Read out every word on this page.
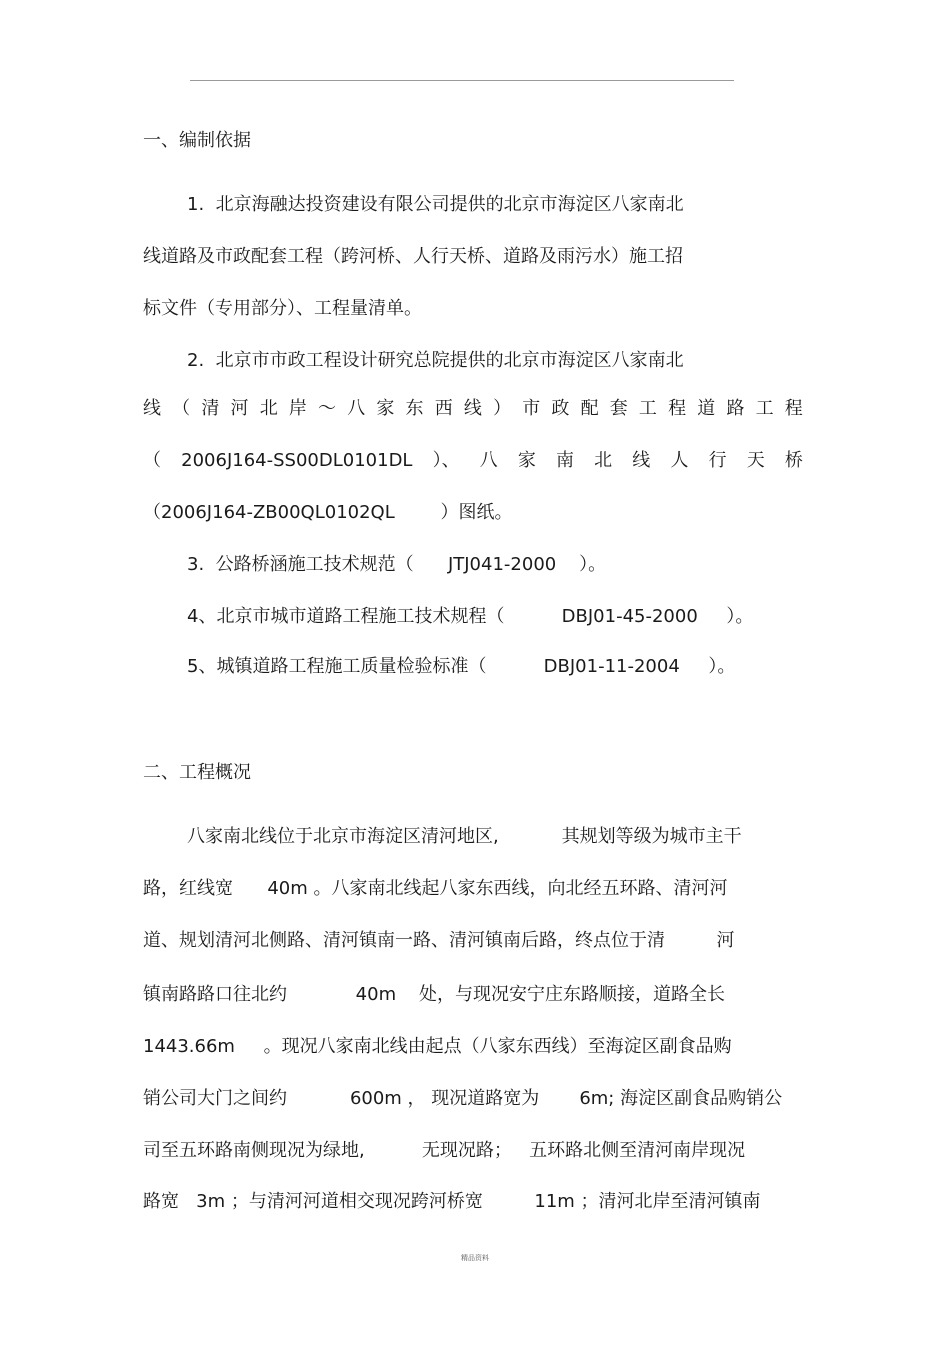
一、编制依据
1.  北京海融达投资建设有限公司提供的北京市海淀区八家南北
线道路及市政配套工程（跨河桥、人行天桥、道路及雨污水）施工招
标文件（专用部分）、工程量清单。
2.  北京市市政工程设计研究总院提供的北京市海淀区八家南北
线 （ 清 河 北 岸 ～ 八 家 东 西 线 ） 市 政 配 套 工 程 道 路 工 程
（ 2006J164-SS00DL0101DL ）、 八 家 南 北 线 人 行 天 桥
（2006J164-ZB00QL0102QL        ）图纸。
3.  公路桥涵施工技术规范（      JTJ041-2000    ）。
4、北京市城市道路工程施工技术规程（          DBJ01-45-2000     ）。
5、城镇道路工程施工质量检验标准（          DBJ01-11-2004     ）。
二、工程概况
八家南北线位于北京市海淀区清河地区,           其规划等级为城市主干
路，红线宽      40m 。八家南北线起八家东西线，向北经五环路、清河河
道、规划清河北侧路、清河镇南一路、清河镇南后路，终点位于清         河
镇南路路口往北约            40m    处，与现况安宁庄东路顺接，道路全长
1443.66m     。现况八家南北线由起点（八家东西线）至海淀区副食品购
销公司大门之间约           600m ， 现况道路宽为       6m; 海淀区副食品购销公
司至五环路南侧现况为绿地,          无现况路；   五环路北侧至清河南岸现况
路宽   3m ；与清河河道相交现况跨河桥宽         11m ；清河北岸至清河镇南
精品资料
